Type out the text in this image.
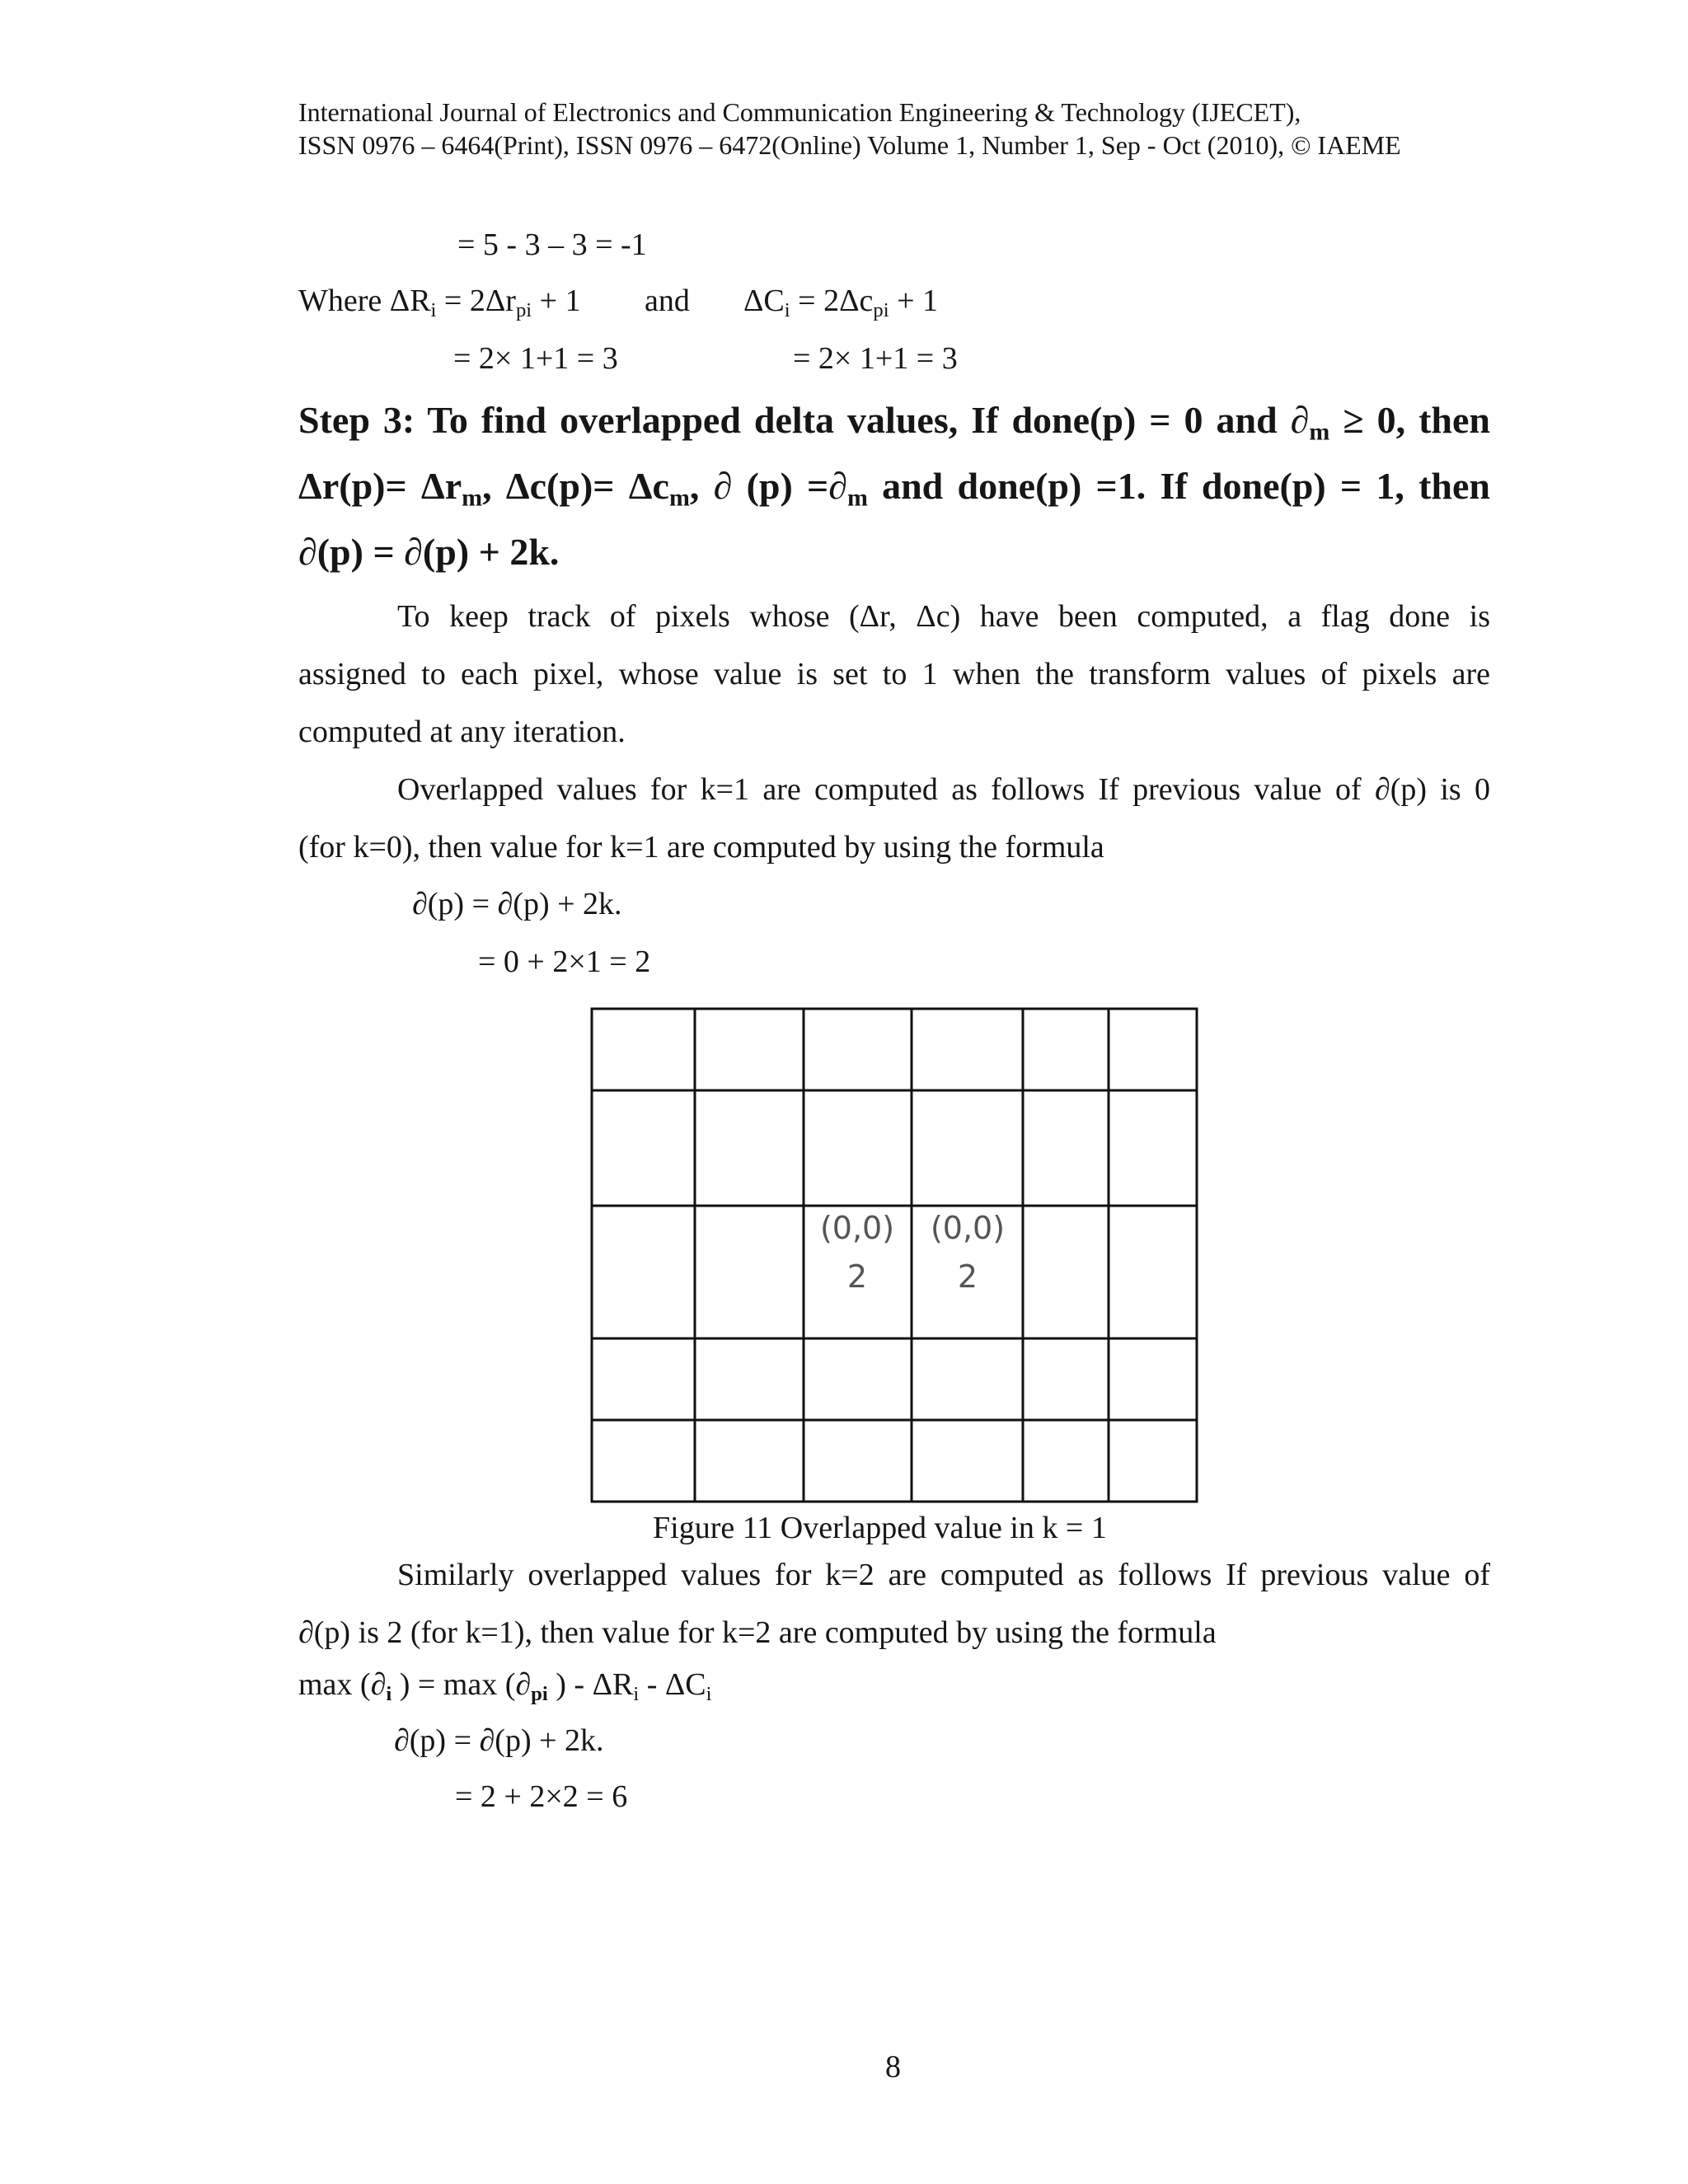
International Journal of Electronics and Communication Engineering & Technology (IJECET),
ISSN 0976 – 6464(Print), ISSN 0976 – 6472(Online) Volume 1, Number 1, Sep - Oct (2010), © IAEME
= 5 - 3 – 3 = -1
Where $\Delta R_i = 2\Delta r_{pi} + 1$ and $\Delta C_i = 2\Delta c_{pi} + 1$
= 2× 1+1 = 3	= 2× 1+1 = 3
Step 3: To find overlapped delta values, If done(p) = 0 and $\partial_m \ge 0$, then
$\Delta r(p)= \Delta r_m$, $\Delta c(p)= \Delta c_m$, ∂ $(p) =\partial_m$ and done(p) =1. If done(p) = 1, then
∂(p) = ∂(p) + 2k.
To keep track of pixels whose (Δr, Δc) have been computed, a flag done is
assigned to each pixel, whose value is set to 1 when the transform values of pixels are
computed at any iteration.
Overlapped values for k=1 are computed as follows If previous value of ∂(p) is 0
(for k=0), then value for k=1 are computed by using the formula
∂(p) = ∂(p) + 2k.
= 0 + 2×1 = 2
(0,0)
2
(0,0)
2
Figure 11 Overlapped value in k = 1
Similarly overlapped values for k=2 are computed as follows If previous value of
∂(p) is 2 (for k=1), then value for k=2 are computed by using the formula
$\max (\partial_i$ ) = $\max (\partial_{pi}$ ) - $\Delta R_i - \Delta C_i$
∂(p) = ∂(p) + 2k.
= 2 + 2×2 = 6
8
